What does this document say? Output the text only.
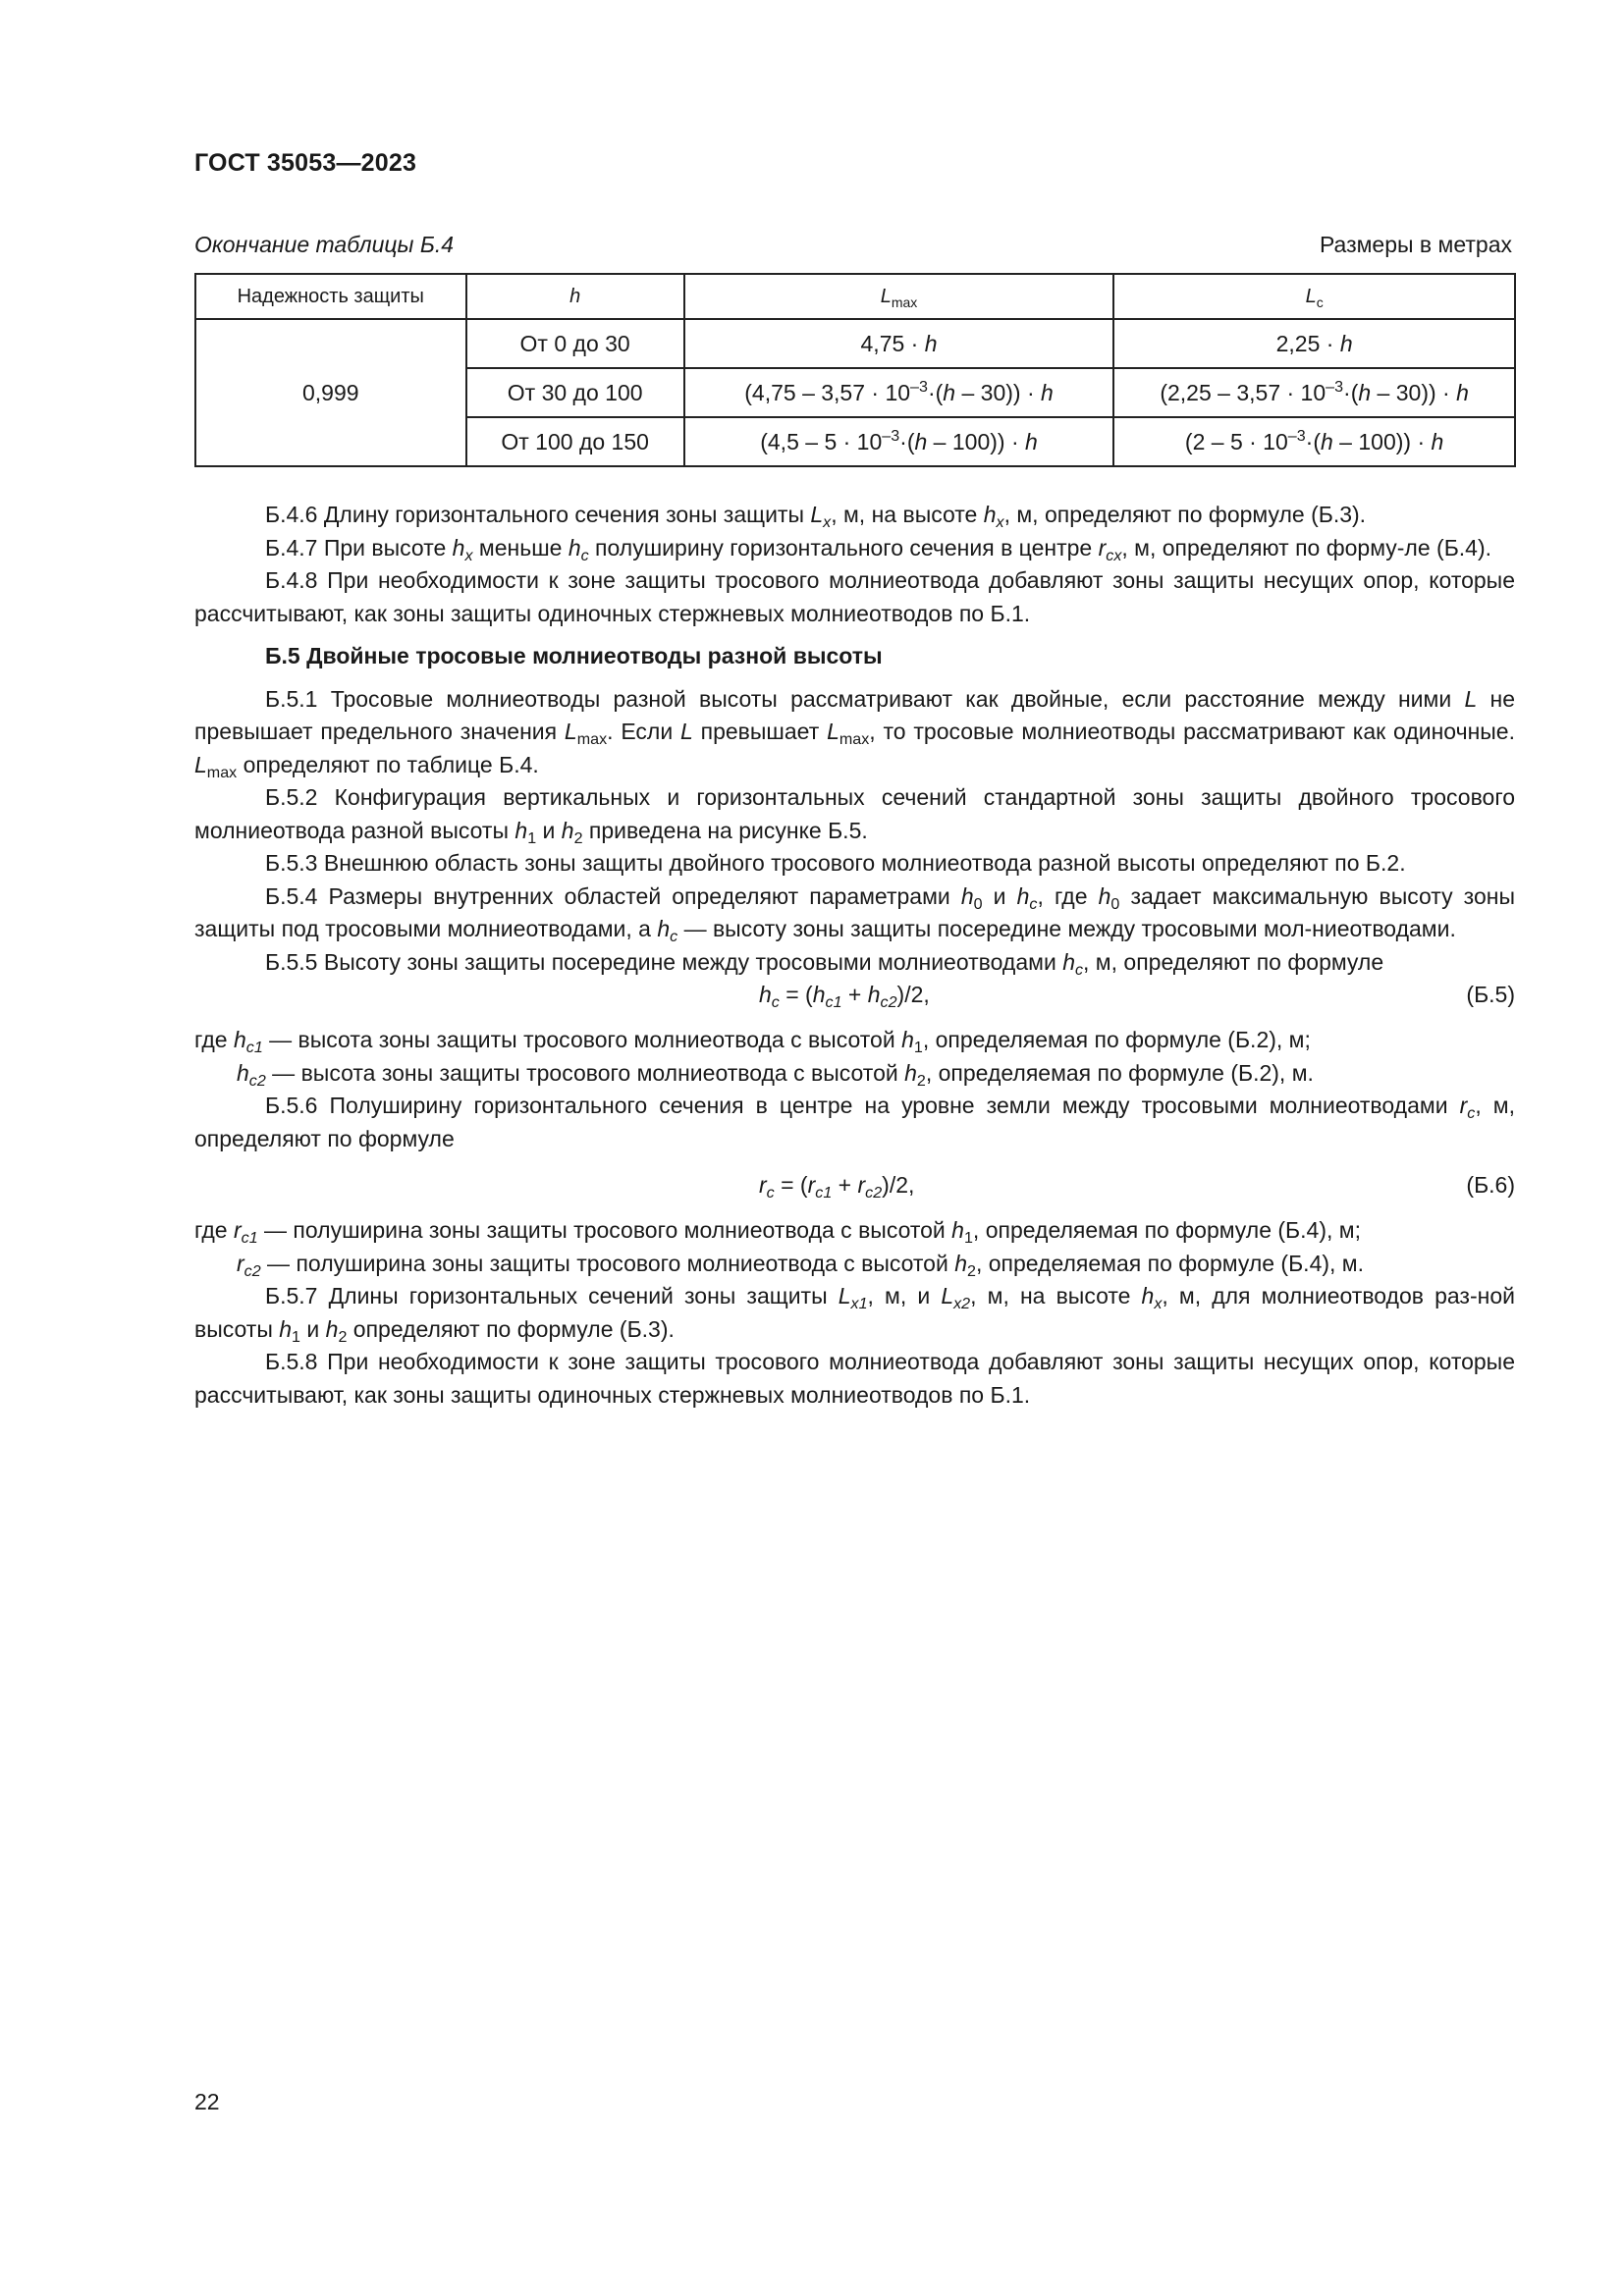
ГОСТ 35053—2023
Окончание таблицы Б.4	Размеры в метрах
Надежность защиты	h	$L_{max}$	$L_c$
0,999	От 0 до 30	4,75 · h	2,25 · h
	От 30 до 100	$(4,75 - 3,57 \cdot 10^{-3}\cdot(h - 30)) \cdot h$	$(2,25 - 3,57 \cdot 10^{-3}\cdot(h - 30)) \cdot h$
	От 100 до 150	$(4,5 - 5 \cdot 10^{-3}\cdot(h - 100)) \cdot h$	$(2 - 5 \cdot 10^{-3}\cdot(h - 100)) \cdot h$

Б.4.6 Длину горизонтального сечения зоны защиты $L_x$, м, на высоте $h_x$, м, определяют по формуле (Б.3).

Б.4.7 При высоте $h_x$ меньше $h_c$ полуширину горизонтального сечения в центре $r_{cx}$, м, определяют по форму-ле (Б.4).

Б.4.8 При необходимости к зоне защиты тросового молниеотвода добавляют зоны защиты несущих опор, которые рассчитывают, как зоны защиты одиночных стержневых молниеотводов по Б.1.

Б.5 Двойные тросовые молниеотводы разной высоты

Б.5.1 Тросовые молниеотводы разной высоты рассматривают как двойные, если расстояние между ними L не превышает предельного значения $L_{max}$. Если L превышает $L_{max}$, то тросовые молниеотводы рассматривают как одиночные. $L_{max}$ определяют по таблице Б.4.

Б.5.2 Конфигурация вертикальных и горизонтальных сечений стандартной зоны защиты двойного тросового молниеотвода разной высоты $h_1$ и $h_2$ приведена на рисунке Б.5.

Б.5.3 Внешнюю область зоны защиты двойного тросового молниеотвода разной высоты определяют по Б.2.

Б.5.4 Размеры внутренних областей определяют параметрами $h_0$ и $h_c$, где $h_0$ задает максимальную высоту зоны защиты под тросовыми молниеотводами, а $h_c$ — высоту зоны защиты посередине между тросовыми мол-ниеотводами.

Б.5.5 Высоту зоны защиты посередине между тросовыми молниеотводами $h_c$, м, определяют по формуле

$h_c = (h_{c1} + h_{c2})/2$,	(Б.5)

где $h_{c1}$ — высота зоны защиты тросового молниеотвода с высотой $h_1$, определяемая по формуле (Б.2), м;

$h_{c2}$ — высота зоны защиты тросового молниеотвода с высотой $h_2$, определяемая по формуле (Б.2), м.

Б.5.6 Полуширину горизонтального сечения в центре на уровне земли между тросовыми молниеотводами $r_c$, м, определяют по формуле

$r_c = (r_{c1} + r_{c2})/2$,	(Б.6)

где $r_{c1}$ — полуширина зоны защиты тросового молниеотвода с высотой $h_1$, определяемая по формуле (Б.4), м;

$r_{c2}$ — полуширина зоны защиты тросового молниеотвода с высотой $h_2$, определяемая по формуле (Б.4), м.

Б.5.7 Длины горизонтальных сечений зоны защиты $L_{x1}$, м, и $L_{x2}$, м, на высоте $h_x$, м, для молниеотводов раз-ной высоты $h_1$ и $h_2$ определяют по формуле (Б.3).

Б.5.8 При необходимости к зоне защиты тросового молниеотвода добавляют зоны защиты несущих опор, которые рассчитывают, как зоны защиты одиночных стержневых молниеотводов по Б.1.

22
